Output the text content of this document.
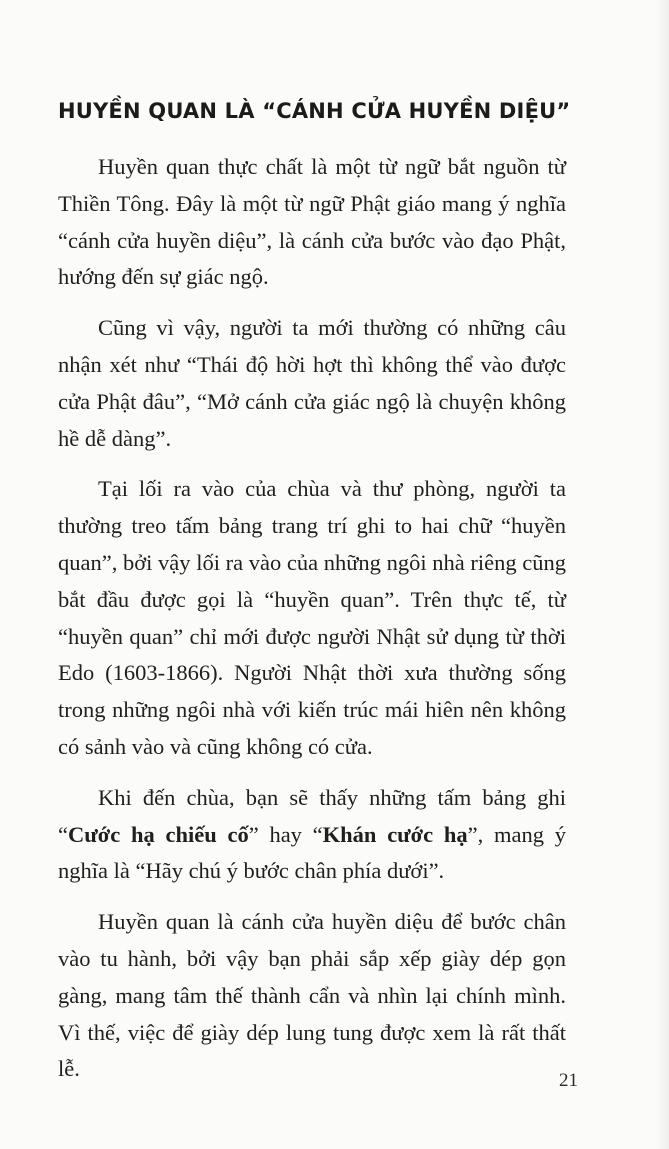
HUYỀN QUAN LÀ “CÁNH CỬA HUYỀN DIỆU”

Huyền quan thực chất là một từ ngữ bắt nguồn từ Thiền Tông. Đây là một từ ngữ Phật giáo mang ý nghĩa “cánh cửa huyền diệu”, là cánh cửa bước vào đạo Phật, hướng đến sự giác ngộ.

Cũng vì vậy, người ta mới thường có những câu nhận xét như “Thái độ hời hợt thì không thể vào được cửa Phật đâu”, “Mở cánh cửa giác ngộ là chuyện không hề dễ dàng”.

Tại lối ra vào của chùa và thư phòng, người ta thường treo tấm bảng trang trí ghi to hai chữ “huyền quan”, bởi vậy lối ra vào của những ngôi nhà riêng cũng bắt đầu được gọi là “huyền quan”. Trên thực tế, từ “huyền quan” chỉ mới được người Nhật sử dụng từ thời Edo (1603-1866). Người Nhật thời xưa thường sống trong những ngôi nhà với kiến trúc mái hiên nên không có sảnh vào và cũng không có cửa.

Khi đến chùa, bạn sẽ thấy những tấm bảng ghi “Cước hạ chiếu cố” hay “Khán cước hạ”, mang ý nghĩa là “Hãy chú ý bước chân phía dưới”.

Huyền quan là cánh cửa huyền diệu để bước chân vào tu hành, bởi vậy bạn phải sắp xếp giày dép gọn gàng, mang tâm thế thành cẩn và nhìn lại chính mình. Vì thế, việc để giày dép lung tung được xem là rất thất lễ.	21
